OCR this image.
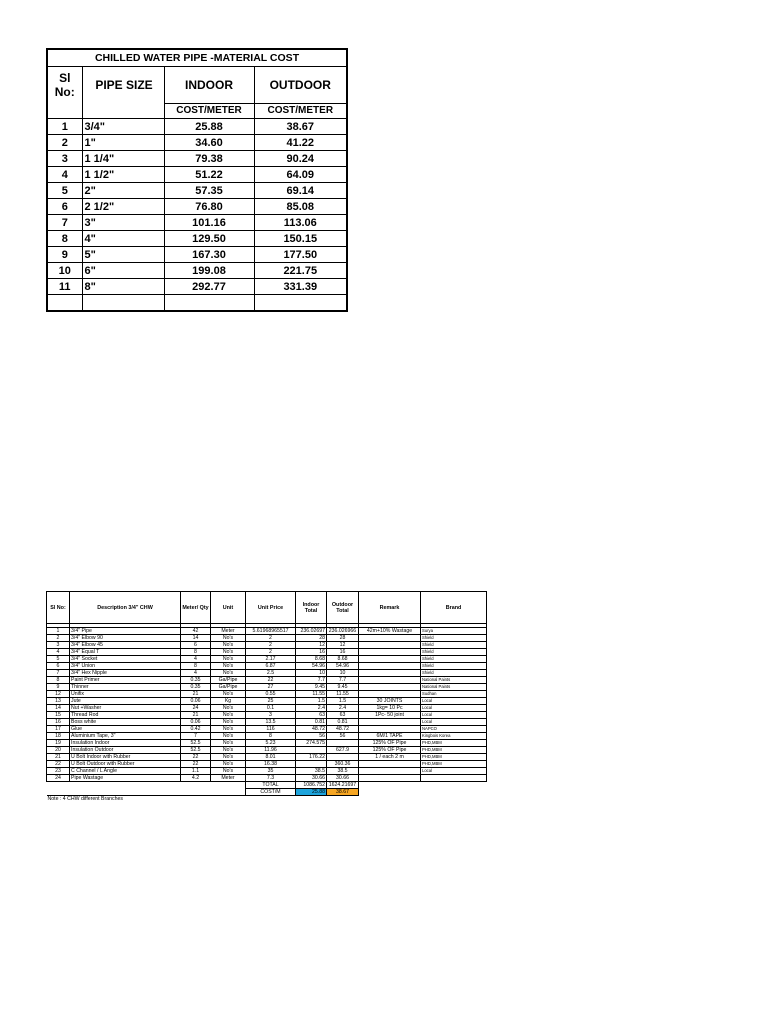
CHILLED WATER PIPE -MATERIAL COST			
Sl No:	PIPE SIZE	INDOOR	OUTDOOR
		COST/METER	COST/METER
1	3/4"	25.88	38.67
2	1"	34.60	41.22
3	1 1/4"	79.38	90.24
4	1 1/2"	51.22	64.09
5	2"	57.35	69.14
6	2 1/2"	76.80	85.08
7	3"	101.16	113.06
8	4"	129.50	150.15
9	5"	167.30	177.50
10	6"	199.08	221.75
11	8"	292.77	331.39

Sl No:	Description 3/4" CHW	Meter/ Qty	Unit	Unit Price	Indoor Total	Outdoor Total	Remark	Brand

1	3/4" Pipe	42	Meter	5.61968965517	236.02697	236.026966	42m+10% Wastage	Surya
2	3/4" Elbow 90	14	No's	2	28	28		Shield
3	3/4" Elbow 45	6	No's	2	12	12		Shield
4	3/4" Equal T	8	No's	2	16	16		Shield
5	3/4" Socket	4	No's	2.17	8.68	8.68		Shield
6	3/4" Union	8	No's	6.87	54.96	54.96		Shield
7	3/4" Hex Nipple	4	No's	2.5	10	10		Shield
8	Paint Primer	0.35	Ga/Pipe	22	7.7	7.7		National Paints
9	Thinner	0.35	Ga/Pipe	27	9.45	9.45		National Paints
12	Unifix	21	No's	0.55	11.55	11.55		Sudhan
13	Jute	0.06	Kg	25	1.5	1.5	30 JOINTS	Local
14	Nut +Washer	24	No's	0.1	2.4	2.4	1kg= 10 Pc	Local
15	Thread Rod	21	No's	3	63	63	1Pc- 50 joint	Local
16	Boss white	0.06	No's	13.5	0.81	0.81		Local
17	Glue	0.42	No's	116	48.72	48.72		NAPCO
18	Aluminium Tape, 3"	7	No's	8	56	56	6M/1 TAPE	Kingbois Korea
19	Insulation Indoor	52.5	No's	5.23	274.575		125% OF Pipe	PHD,MBM
20	Insulation Outdoor	52.5	No's	11.96		627.9	125% OF Pipe	PHD,MBM
21	U Bolt Indoor with Rubber	22	No's	8.01	176.22		1 / each 2 m	PHD,MBM
22	U Bolt Outdoor with Rubber	22	No's	16.38		360.36		PHD,MBM
23	C Channel / L Angle	1.1	No's	35	38.5	38.5		Local
24	Pipe Wastage	4.2	Meter	7.3	30.66	30.66		
				TOTAL	1086.752	1624.21697		
				COST/M	25.88	38.67		
Note : 4 CHW different Branches								
